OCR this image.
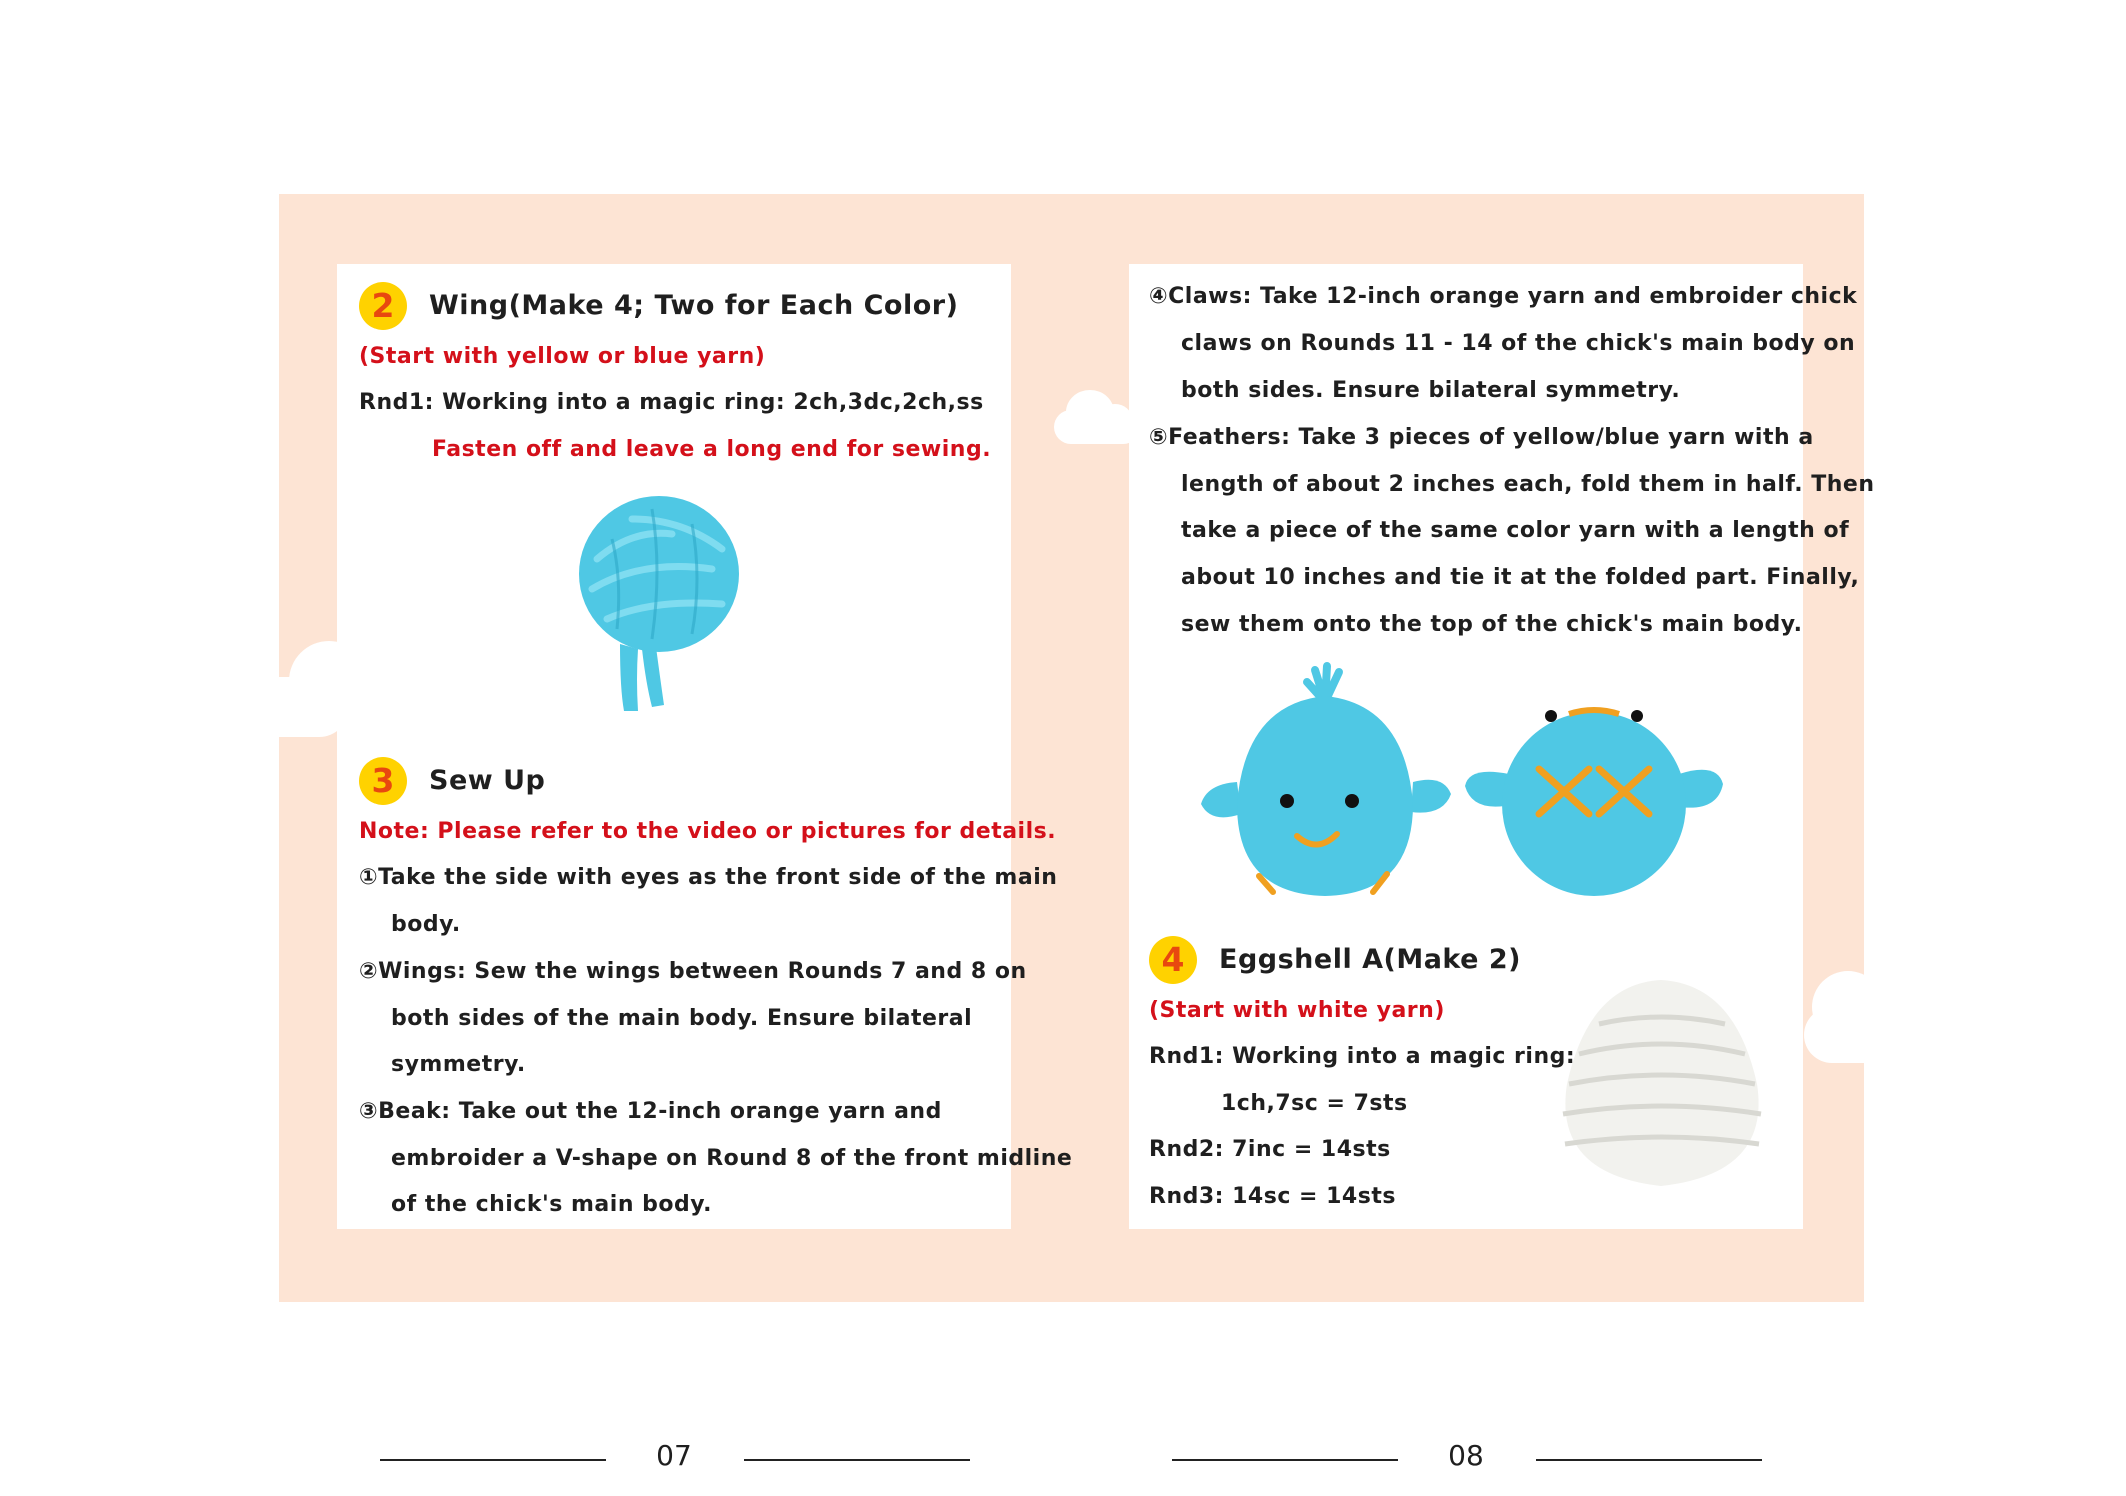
2	Wing(Make 4; Two for Each Color)
(Start with yellow or blue yarn)
Rnd1: Working into a magic ring: 2ch,3dc,2ch,ss
Fasten off and leave a long end for sewing.
3	Sew Up
Note: Please refer to the video or pictures for details.
①Take the side with eyes as the front side of the main
body.
②Wings: Sew the wings between Rounds 7 and 8 on
both sides of the main body. Ensure bilateral
symmetry.
③Beak: Take out the 12-inch orange yarn and
embroider a V-shape on Round 8 of the front midline
of the chick's main body.
④Claws: Take 12-inch orange yarn and embroider chick
claws on Rounds 11 - 14 of the chick's main body on
both sides. Ensure bilateral symmetry.
⑤Feathers: Take 3 pieces of yellow/blue yarn with a
length of about 2 inches each, fold them in half. Then
take a piece of the same color yarn with a length of
about 10 inches and tie it at the folded part. Finally,
sew them onto the top of the chick's main body.
4	Eggshell A(Make 2)
(Start with white yarn)
Rnd1: Working into a magic ring:
1ch,7sc = 7sts
Rnd2: 7inc = 14sts
Rnd3: 14sc = 14sts
07	08
